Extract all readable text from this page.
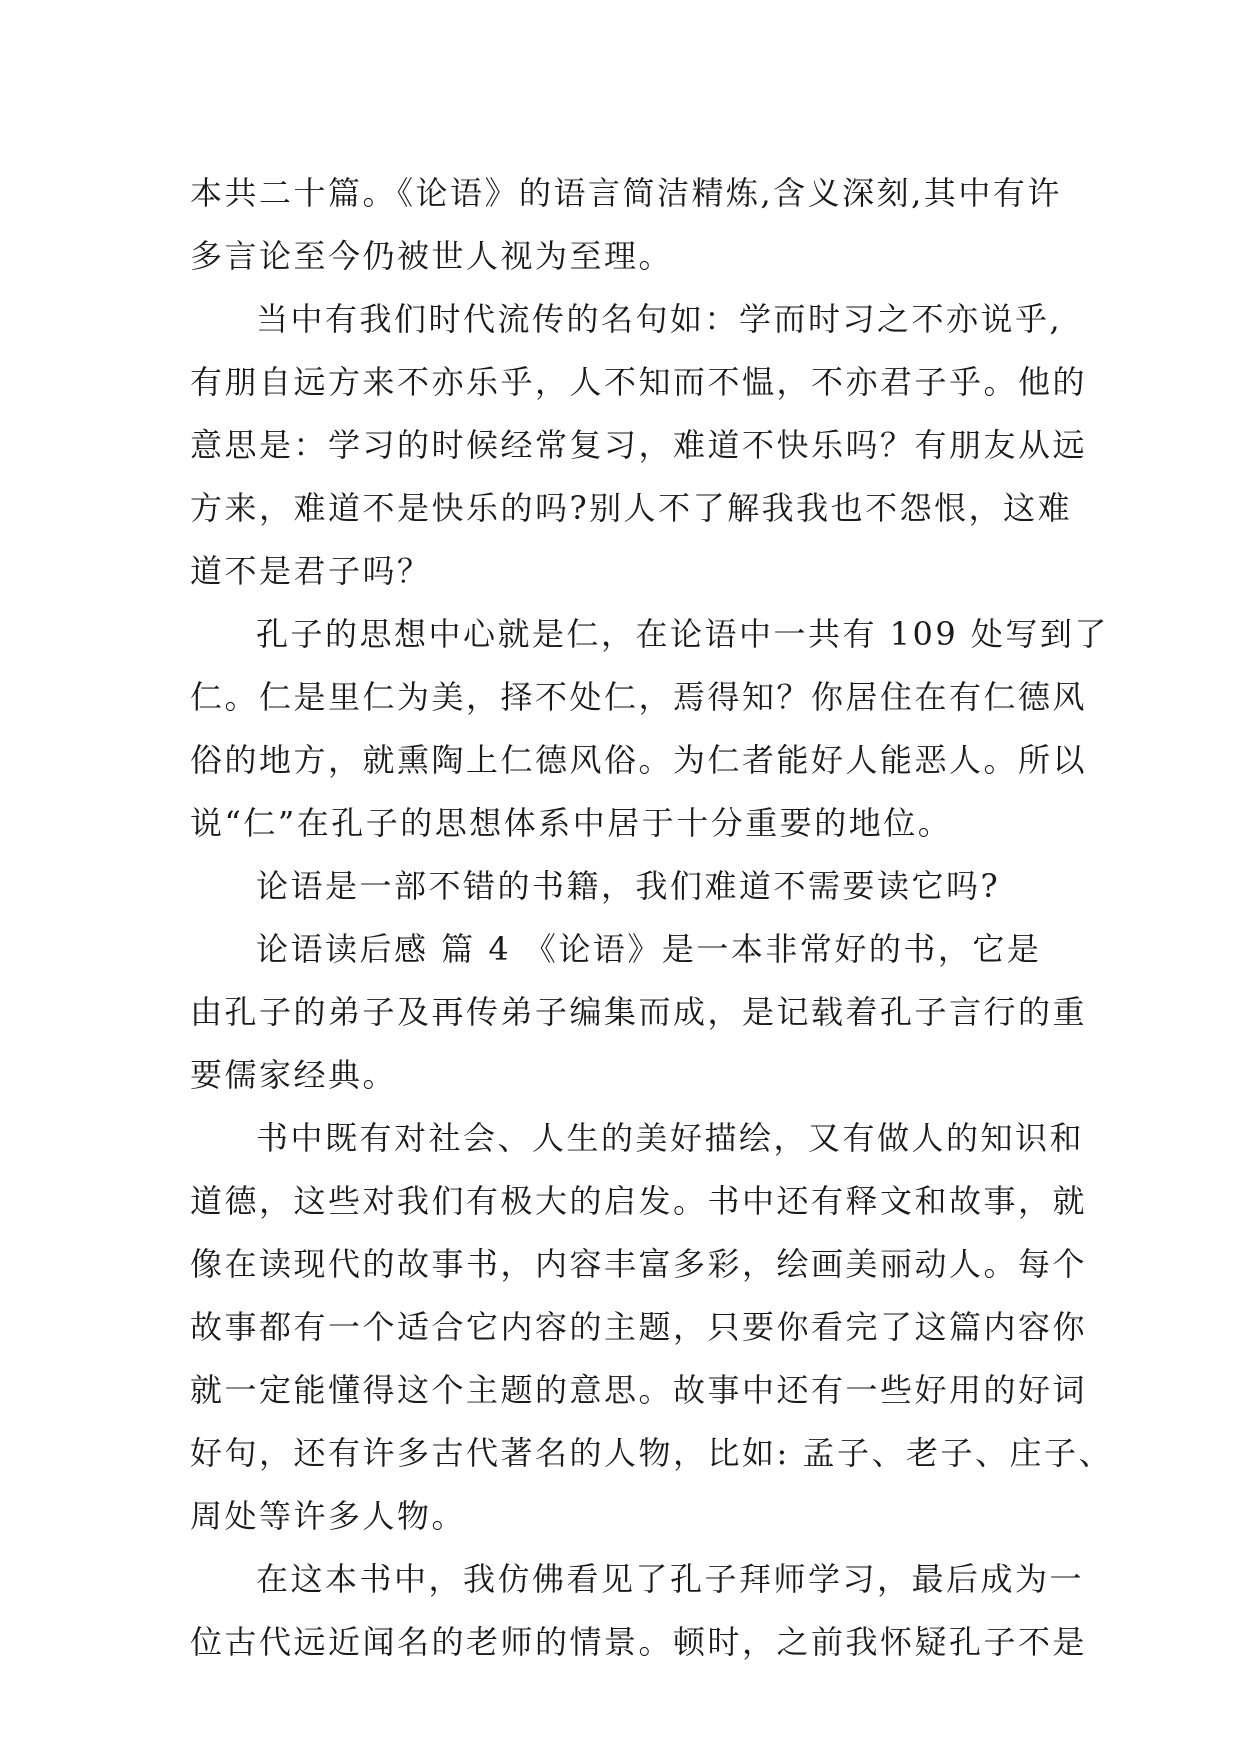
本共二十篇。《论语》的语言简洁精炼,含义深刻,其中有许
多言论至今仍被世人视为至理。
当中有我们时代流传的名句如：学而时习之不亦说乎,
有朋自远方来不亦乐乎，人不知而不愠，不亦君子乎。他的
意思是：学习的时候经常复习，难道不快乐吗？有朋友从远
方来，难道不是快乐的吗?别人不了解我我也不怨恨，这难
道不是君子吗？
孔子的思想中心就是仁，在论语中一共有 109 处写到了
仁。仁是里仁为美，择不处仁，焉得知？你居住在有仁德风
俗的地方，就熏陶上仁德风俗。为仁者能好人能恶人。所以
说“仁”在孔子的思想体系中居于十分重要的地位。
论语是一部不错的书籍，我们难道不需要读它吗?
论语读后感 篇 4 《论语》是一本非常好的书，它是
由孔子的弟子及再传弟子编集而成，是记载着孔子言行的重
要儒家经典。
书中既有对社会、人生的美好描绘，又有做人的知识和
道德，这些对我们有极大的启发。书中还有释文和故事，就
像在读现代的故事书，内容丰富多彩，绘画美丽动人。每个
故事都有一个适合它内容的主题，只要你看完了这篇内容你
就一定能懂得这个主题的意思。故事中还有一些好用的好词
好句，还有许多古代著名的人物，比如: 孟子、老子、庄子、
周处等许多人物。
在这本书中，我仿佛看见了孔子拜师学习，最后成为一
位古代远近闻名的老师的情景。顿时，之前我怀疑孔子不是
